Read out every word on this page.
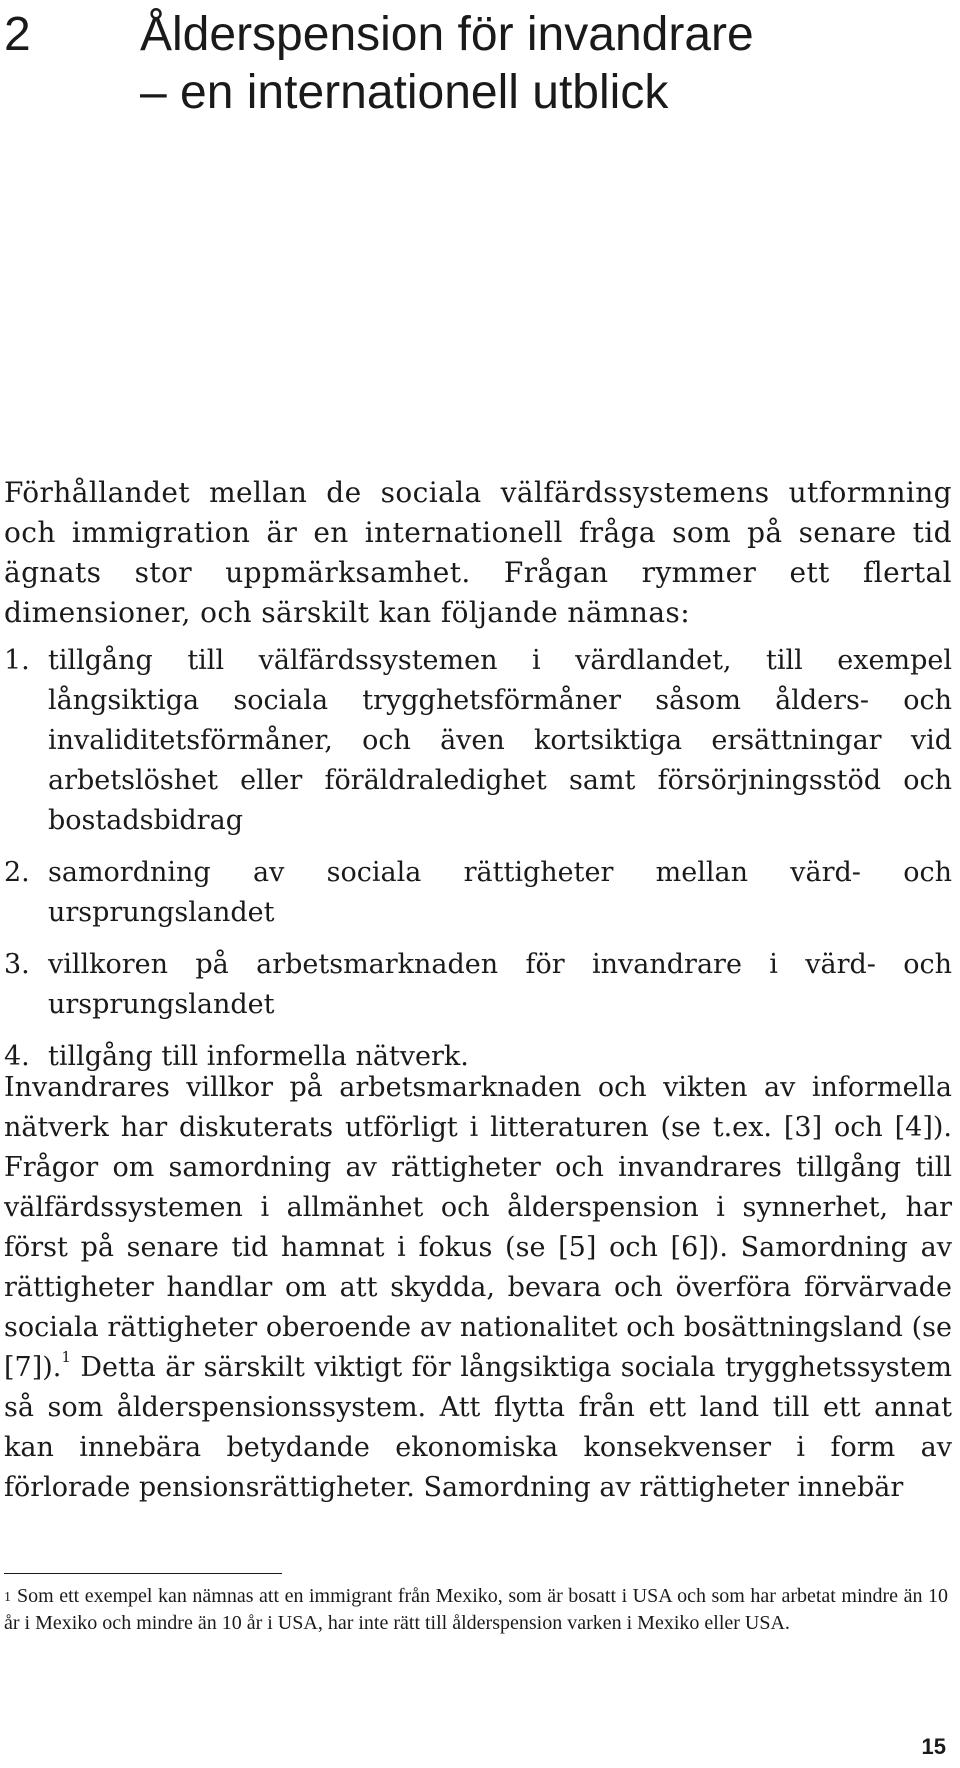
2 Ålderspension för invandrare
– en internationell utblick

Förhållandet mellan de sociala välfärdssystemens utformning och immigration är en internationell fråga som på senare tid ägnats stor uppmärksamhet. Frågan rymmer ett flertal dimensioner, och särskilt kan följande nämnas:

1. tillgång till välfärdssystemen i värdlandet, till exempel långsiktiga sociala trygghetsförmåner såsom ålders- och invaliditetsförmåner, och även kortsiktiga ersättningar vid arbetslöshet eller föräldraledighet samt försörjningsstöd och bostadsbidrag
2. samordning av sociala rättigheter mellan värd- och ursprungslandet
3. villkoren på arbetsmarknaden för invandrare i värd- och ursprungslandet
4. tillgång till informella nätverk.

Invandrares villkor på arbetsmarknaden och vikten av informella nätverk har diskuterats utförligt i litteraturen (se t.ex. [3] och [4]). Frågor om samordning av rättigheter och invandrares tillgång till välfärdssystemen i allmänhet och ålderspension i synnerhet, har först på senare tid hamnat i fokus (se [5] och [6]). Samordning av rättigheter handlar om att skydda, bevara och överföra förvärvade sociala rättigheter oberoende av nationalitet och bosättningsland (se [7]).$^1$ Detta är särskilt viktigt för långsiktiga sociala trygghetssystem så som ålderspensionssystem. Att flytta från ett land till ett annat kan innebära betydande ekonomiska konsekvenser i form av förlorade pensionsrättigheter. Samordning av rättigheter innebär

$^1$ Som ett exempel kan nämnas att en immigrant från Mexiko, som är bosatt i USA och som har arbetat mindre än 10 år i Mexiko och mindre än 10 år i USA, har inte rätt till ålderspension varken i Mexiko eller USA.

15
